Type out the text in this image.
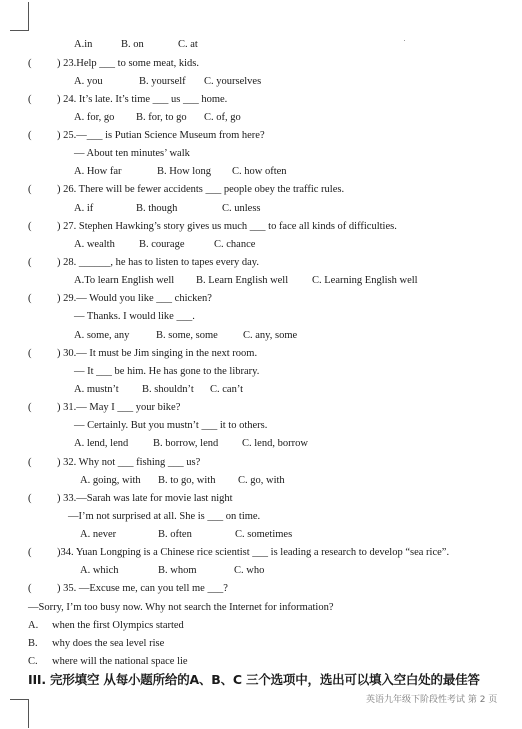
A.in	B. on	C. at
( ) 23.Help ___ to some meat, kids.
A. you	B. yourself C. yourselves
( ) 24. It’s late. It’s time ___ us ___ home.
A. for, go B. for, to go C. of, go
( ) 25.—___ is Putian Science Museum from here?
— About ten minutes’ walk
A. How far	B. How long C. how often
( ) 26. There will be fewer accidents ___ people obey the traffic rules.
A. if	B. though	C. unless
( ) 27. Stephen Hawking’s story gives us much ___ to face all kinds of difficulties.
A. wealth B. courage	C. chance
( ) 28. ______, he has to listen to tapes every day.
A.To learn English well B. Learn English well C. Learning English well
( ) 29.— Would you like ___ chicken?
— Thanks. I would like ___.
A. some, any	B. some, some C. any, some
( ) 30.— It must be Jim singing in the next room.
— It ___ be him. He has gone to the library.
A. mustn’t B. shouldn’t C. can’t
( ) 31.— May I ___ your bike?
— Certainly. But you mustn’t ___ it to others.
A. lend, lend B. borrow, lend C. lend, borrow
( ) 32. Why not ___ fishing ___ us?
A. going, with B. to go, with C. go, with
( ) 33.—Sarah was late for movie last night
—I’m not surprised at all. She is ___ on time.
A. never	B. often	C. sometimes
( )34. Yuan Longping is a Chinese rice scientist ___ is leading a research to develop “sea rice”.
A. which	B. whom	C. who
( ) 35. —Excuse me, can you tell me ___?
—Sorry, I’m too busy now. Why not search the Internet for information?
A. when the first Olympics started
B. why does the sea level rise
C. where will the national space lie
III. 完形填空 从每小题所给的A、B、C 三个选项中，选出可以填入空白处的最佳答
英语九年级下阶段性考试 第 2 页
